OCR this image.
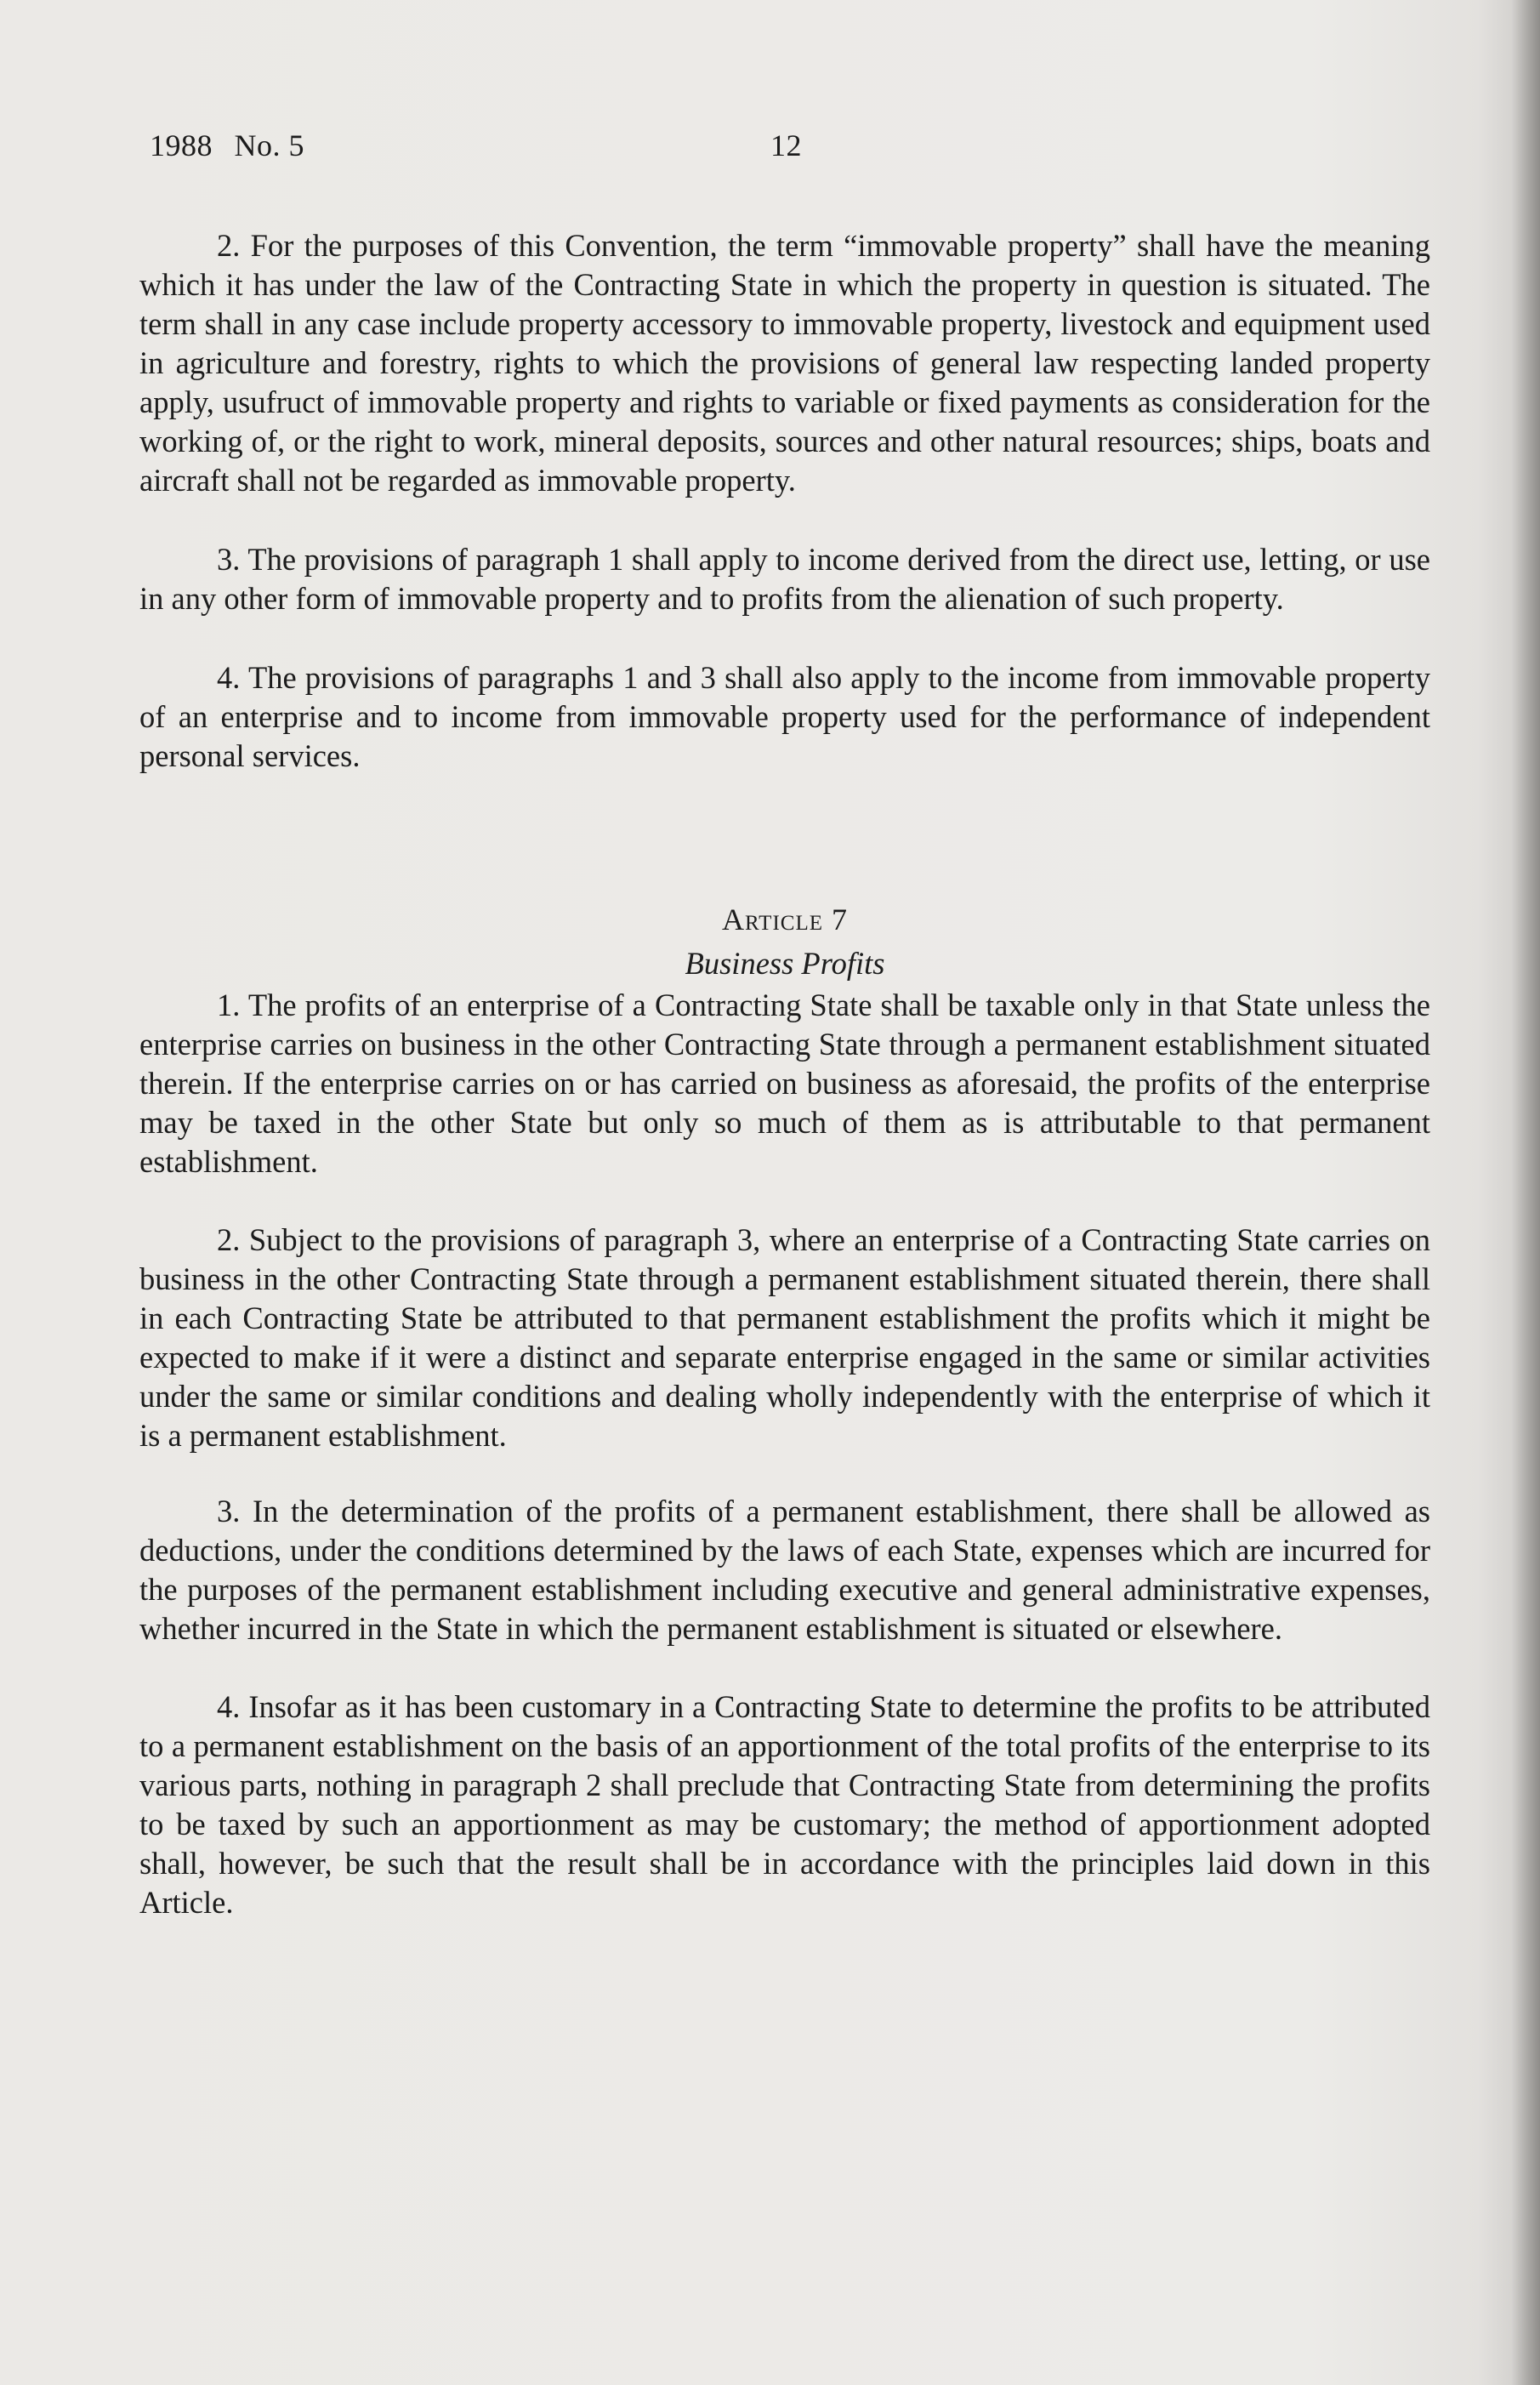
1988 No. 5	12

2. For the purposes of this Convention, the term “immovable property” shall have the meaning which it has under the law of the Contracting State in which the property in question is situated. The term shall in any case include property accessory to immovable property, livestock and equipment used in agriculture and forestry, rights to which the provisions of general law respecting landed property apply, usufruct of immovable property and rights to variable or fixed payments as consideration for the working of, or the right to work, mineral deposits, sources and other natural resources; ships, boats and aircraft shall not be regarded as immovable property.

3. The provisions of paragraph 1 shall apply to income derived from the direct use, letting, or use in any other form of immovable property and to profits from the alienation of such property.

4. The provisions of paragraphs 1 and 3 shall also apply to the income from immovable property of an enterprise and to income from immovable property used for the performance of independent personal services.

Article 7
Business Profits

1. The profits of an enterprise of a Contracting State shall be taxable only in that State unless the enterprise carries on business in the other Contracting State through a permanent establishment situated therein. If the enterprise carries on or has carried on business as aforesaid, the profits of the enterprise may be taxed in the other State but only so much of them as is attributable to that permanent establishment.

2. Subject to the provisions of paragraph 3, where an enterprise of a Contracting State carries on business in the other Contracting State through a permanent establishment situated therein, there shall in each Contracting State be attributed to that permanent establishment the profits which it might be expected to make if it were a distinct and separate enterprise engaged in the same or similar activities under the same or similar conditions and dealing wholly independently with the enterprise of which it is a permanent establishment.

3. In the determination of the profits of a permanent establishment, there shall be allowed as deductions, under the conditions determined by the laws of each State, expenses which are incurred for the purposes of the permanent establishment including executive and general administrative expenses, whether incurred in the State in which the permanent establishment is situated or elsewhere.

4. Insofar as it has been customary in a Contracting State to determine the profits to be attributed to a permanent establishment on the basis of an apportionment of the total profits of the enterprise to its various parts, nothing in paragraph 2 shall preclude that Contracting State from determining the profits to be taxed by such an apportionment as may be customary; the method of apportionment adopted shall, however, be such that the result shall be in accordance with the principles laid down in this Article.
